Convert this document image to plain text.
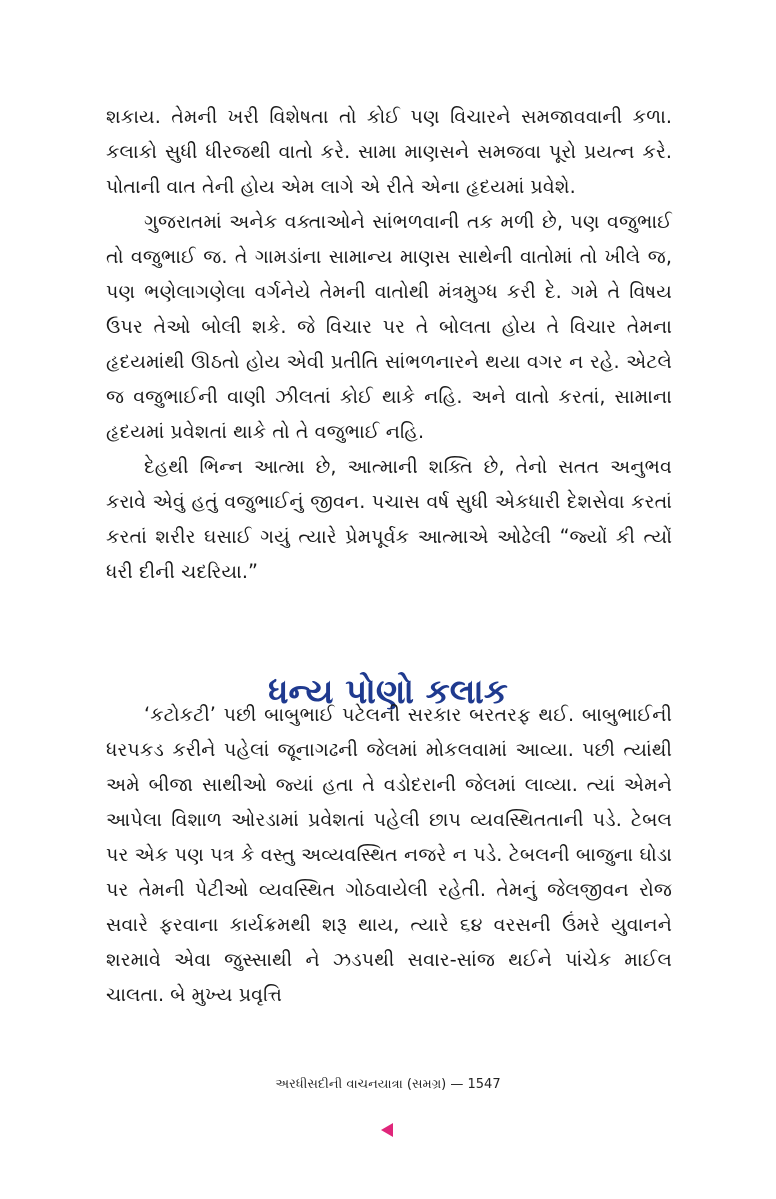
શકાય. તેમની ખરી વિશેષતા તો કોઈ પણ વિચારને સમજાવવાની કળા. કલાકો સુધી ધીરજથી વાતો કરે. સામા માણસને સમજવા પૂરો પ્રયત્ન કરે. પોતાની વાત તેની હોય એમ લાગે એ રીતે એના હૃદયમાં પ્રવેશે.

ગુજરાતમાં અનેક વક્તાઓને સાંભળવાની તક મળી છે, પણ વજુભાઈ તો વજુભાઈ જ. તે ગામડાંના સામાન્ય માણસ સાથેની વાતોમાં તો ખીલે જ, પણ ભણેલાગણેલા વર્ગનેયે તેમની વાતોથી મંત્રમુગ્ધ કરી દે. ગમે તે વિષય ઉપર તેઓ બોલી શકે. જે વિચાર પર તે બોલતા હોય તે વિચાર તેમના હૃદયમાંથી ઊઠતો હોય એવી પ્રતીતિ સાંભળનારને થયા વગર ન રહે. એટલે જ વજુભાઈની વાણી ઝીલતાં કોઈ થાકે નહિ. અને વાતો કરતાં, સામાના હૃદયમાં પ્રવેશતાં થાકે તો તે વજુભાઈ નહિ.

દેહથી ભિન્ન આત્મા છે, આત્માની શક્તિ છે, તેનો સતત અનુભવ કરાવે એવું હતું વજુભાઈનું જીવન. પચાસ વર્ષ સુધી એકધારી દેશસેવા કરતાં કરતાં શરીર ઘસાઈ ગયું ત્યારે પ્રેમપૂર્વક આત્માએ ઓઢેલી “જ્યોં કી ત્યોં ધરી દીની ચદરિયા.”

ધન્ય પોણો કલાક

‘કટોકટી’ પછી બાબુભાઈ પટેલની સરકાર બરતરફ થઈ. બાબુભાઈની ધરપકડ કરીને પહેલાં જૂનાગઢની જેલમાં મોકલવામાં આવ્યા. પછી ત્યાંથી અમે બીજા સાથીઓ જ્યાં હતા તે વડોદરાની જેલમાં લાવ્યા. ત્યાં એમને આપેલા વિશાળ ઓરડામાં પ્રવેશતાં પહેલી છાપ વ્યવસ્થિતતાની પડે. ટેબલ પર એક પણ પત્ર કે વસ્તુ અવ્યવસ્થિત નજરે ન પડે. ટેબલની બાજુના ઘોડા પર તેમની પેટીઓ વ્યવસ્થિત ગોઠવાયેલી રહેતી. તેમનું જેલજીવન રોજ સવારે ફરવાના કાર્યક્રમથી શરૂ થાય, ત્યારે ૬૪ વરસની ઉંમરે યુવાનને શરમાવે એવા જુસ્સાથી ને ઝડપથી સવાર-સાંજ થઈને પાંચેક માઈલ ચાલતા. બે મુખ્ય પ્રવૃત્તિ

અરધીસદીની વાચનયાત્રા (સમગ્ર) — 1547
